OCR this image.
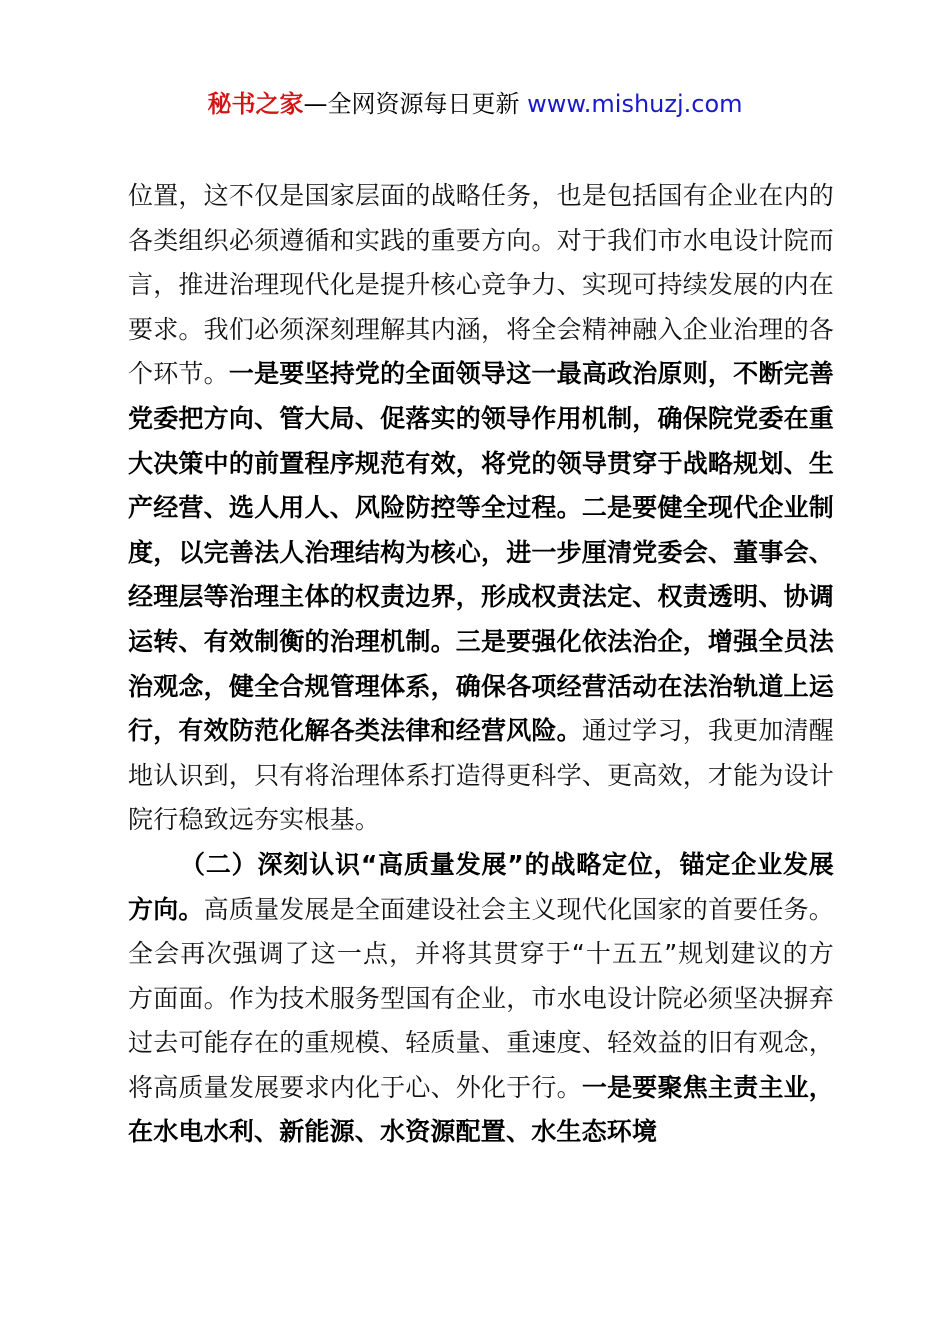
秘书之家—全网资源每日更新 www.mishuzj.com

位置，这不仅是国家层面的战略任务，也是包括国有企业在内的各类组织必须遵循和实践的重要方向。对于我们市水电设计院而言，推进治理现代化是提升核心竞争力、实现可持续发展的内在要求。我们必须深刻理解其内涵，将全会精神融入企业治理的各个环节。一是要坚持党的全面领导这一最高政治原则，不断完善党委把方向、管大局、促落实的领导作用机制，确保院党委在重大决策中的前置程序规范有效，将党的领导贯穿于战略规划、生产经营、选人用人、风险防控等全过程。二是要健全现代企业制度，以完善法人治理结构为核心，进一步厘清党委会、董事会、经理层等治理主体的权责边界，形成权责法定、权责透明、协调运转、有效制衡的治理机制。三是要强化依法治企，增强全员法治观念，健全合规管理体系，确保各项经营活动在法治轨道上运行，有效防范化解各类法律和经营风险。通过学习，我更加清醒地认识到，只有将治理体系打造得更科学、更高效，才能为设计院行稳致远夯实根基。

（二）深刻认识“高质量发展”的战略定位，锚定企业发展方向。高质量发展是全面建设社会主义现代化国家的首要任务。全会再次强调了这一点，并将其贯穿于“十五五”规划建议的方方面面。作为技术服务型国有企业，市水电设计院必须坚决摒弃过去可能存在的重规模、轻质量、重速度、轻效益的旧有观念，将高质量发展要求内化于心、外化于行。一是要聚焦主责主业，在水电水利、新能源、水资源配置、水生态环境
